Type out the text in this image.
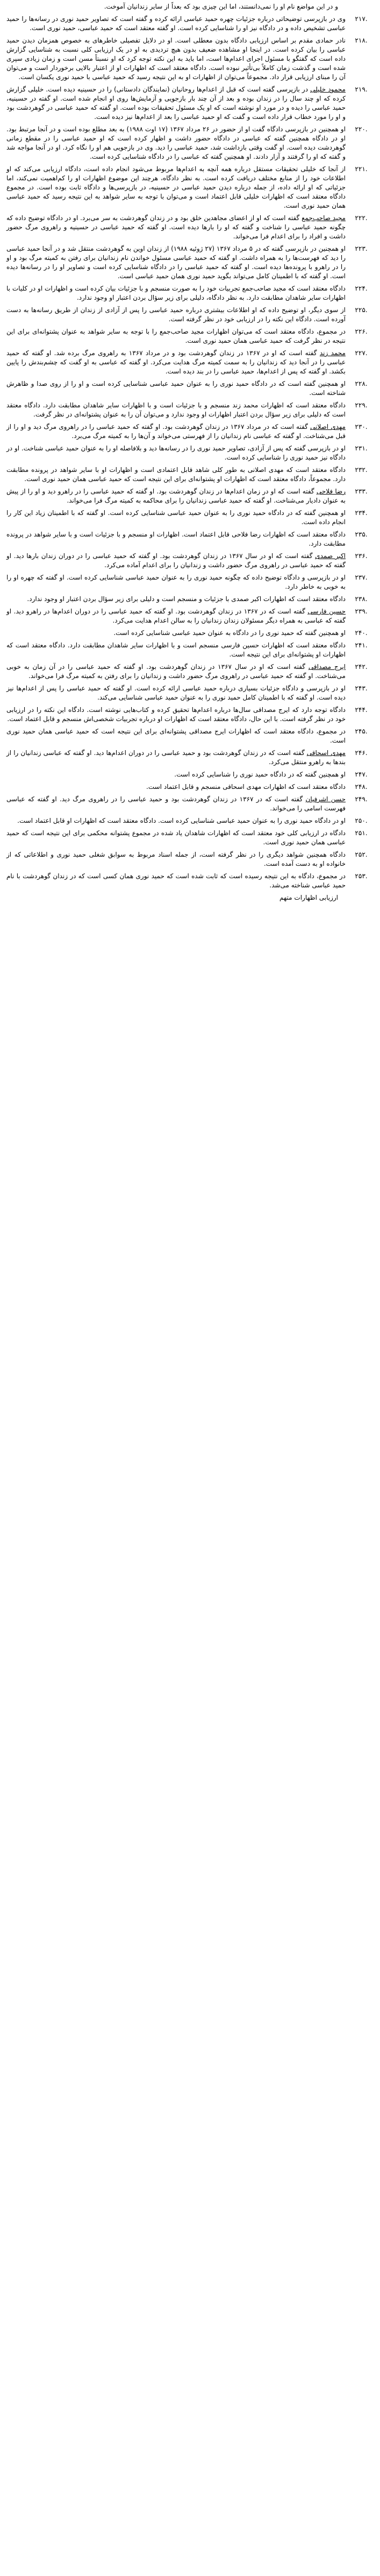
و در این مواضع نام او را نمی‌دانستند، اما این چیزی بود که بعداً از سایر زندانیان آموخت.

۲۱۷.
وی در بازپرسی توضیحاتی درباره جزئیات چهره حمید عباسی ارائه کرده و گفته است که تصاویر حمید نوری در رسانه‌ها را حمید عباسی تشخیص داده و در دادگاه نیز او را شناسایی کرده است. او گفته معتقد است که حمید عباسی، حمید نوری است.
۲۱۸.
نادر حمادی مقدم بر اساس ارزیابی دادگاه بدون معطلی است. او در دلایل تفصیلی خاطرهای به خصوص همزمان دیدن حمید عباسی را بیان کرده است. در اینجا او مشاهده ضعیف بدون هیچ تردیدی به او در یک ارزیابی کلی نسبت به شناسایی گزارش داده است که گفتگو با مسئول اجرای اعدام‌ها است، اما باید به این نکته توجه کرد که او نسبتاً مسن است و زمان زیادی سپری شده است و گذشت زمان کاملاً بی‌تأثیر نبوده است. دادگاه معتقد است که اظهارات او از اعتبار بالایی برخوردار است و می‌توان آن را مبنای ارزیابی قرار داد. مجموعاً می‌توان از اظهارات او به این نتیجه رسید که حمید عباسی با حمید نوری یکسان است.
۲۱۹.
محمود خلیلی در بازپرسی گفته است که قبل از اعدام‌ها روحانیان (نمایندگان دادستانی) را در حسینیه دیده است. خلیلی گزارش کرده که او چند سال را در زندان بوده و بعد از آن چند بار بازجویی و آزمایش‌ها روی او انجام شده است. او گفته در حسینیه، حمید عباسی را دیده و در مورد او نوشته است که او یک مسئول تحقیقات بوده است. او گفته که حمید عباسی در گوهردشت بود و او را مورد خطاب قرار داده است و گفت که او حمید عباسی را بعد از اعدام‌ها نیز دیده است.
۲۲۰.
او همچنین در بازپرسی دادگاه گفت او از حضور در ۲۶ مرداد ۱۳۶۷ (۱۷ اوت ۱۹۸۸) به بعد مطلع بوده است و در آنجا مرتبط بود. او در دادگاه همچنین گفته که عباسی در دادگاه حضور داشت و اظهار کرده است که او حمید عباسی را در مقطع زمانی گوهردشت دیده است. او گفت وقتی بازداشت شد، حمید عباسی را دید. وی در بازجویی هم او را نگاه کرد. او در آنجا مواجه شد و گفته که او را گرفتند و آزار دادند. او همچنین گفته که عباسی را در دادگاه شناسایی کرده است.
۲۲۱.
از آنجا که خلیلی تحقیقات مستقل درباره همه آنچه به اعدام‌ها مربوط می‌شود انجام داده است، دادگاه ارزیابی می‌کند که او اطلاعات خود را از منابع مختلف دریافت کرده است. به نظر دادگاه، هرچند این موضوع اظهارات او را کم‌اهمیت نمی‌کند، اما جزئیاتی که او ارائه داده، از جمله درباره دیدن حمید عباسی در حسینیه، در بازپرسی‌ها و دادگاه ثابت بوده است. در مجموع دادگاه معتقد است که اظهارات خلیلی قابل اعتماد است و می‌توان با توجه به سایر شواهد به این نتیجه رسید که حمید عباسی همان حمید نوری است.
۲۲۲.
مجید صاحب‌جمع گفته است که او از اعضای مجاهدین خلق بود و در زندان گوهردشت به سر می‌برد. او در دادگاه توضیح داده که چگونه حمید عباسی را شناخت و گفته که او را بارها دیده است. او گفته که حمید عباسی در حسینیه و راهروی مرگ حضور داشت و افراد را برای اعدام فرا می‌خواند.
۲۲۳.
او همچنین در بازپرسی گفته که در ۵ مرداد ۱۳۶۷ (۲۷ ژوئیه ۱۹۸۸) از زندان اوین به گوهردشت منتقل شد و در آنجا حمید عباسی را دید که فهرست‌ها را به همراه داشت. او گفته که حمید عباسی مسئول خواندن نام زندانیان برای رفتن به کمیته مرگ بود و او را در راهرو با پرونده‌ها دیده است. او گفته که حمید عباسی را در دادگاه شناسایی کرده است و تصاویر او را در رسانه‌ها دیده است. او گفته که با اطمینان کامل می‌تواند بگوید حمید نوری همان حمید عباسی است.
۲۲۴.
دادگاه معتقد است که مجید صاحب‌جمع تجربیات خود را به صورت منسجم و با جزئیات بیان کرده است و اظهارات او در کلیات با اظهارات سایر شاهدان مطابقت دارد. به نظر دادگاه، دلیلی برای زیر سؤال بردن اعتبار او وجود ندارد.
۲۲۵.
از سوی دیگر، او توضیح داده که او اطلاعات بیشتری درباره حمید عباسی را پس از آزادی از زندان از طریق رسانه‌ها به دست آورده است. دادگاه این نکته را در ارزیابی خود در نظر گرفته است.
۲۲۶.
در مجموع، دادگاه معتقد است که می‌توان اظهارات مجید صاحب‌جمع را با توجه به سایر شواهد به عنوان پشتوانه‌ای برای این نتیجه در نظر گرفت که حمید عباسی همان حمید نوری است.
۲۲۷.
محمد زند گفته است که او در ۱۳۶۷ در زندان گوهردشت بود و در مرداد ۱۳۶۷ به راهروی مرگ برده شد. او گفته که حمید عباسی را در آنجا دید که زندانیان را به سمت کمیته مرگ هدایت می‌کرد. او گفته که عباسی به او گفت که چشم‌بندش را پایین بکشد. او گفته که پس از اعدام‌ها، حمید عباسی را در بند دیده است.
۲۲۸.
او همچنین گفته است که در دادگاه حمید نوری را به عنوان حمید عباسی شناسایی کرده است و او را از روی صدا و ظاهرش شناخته است.
۲۲۹.
دادگاه معتقد است که اظهارات محمد زند منسجم و با جزئیات است و با اظهارات سایر شاهدان مطابقت دارد. دادگاه معتقد است که دلیلی برای زیر سؤال بردن اعتبار اظهارات او وجود ندارد و می‌توان آن را به عنوان پشتوانه‌ای در نظر گرفت.
۲۳۰.
مهدی اصلانی گفته است که در مرداد ۱۳۶۷ در زندان گوهردشت بود. او گفته که حمید عباسی را در راهروی مرگ دید و او را از قبل می‌شناخت. او گفته که عباسی نام زندانیان را از فهرستی می‌خواند و آن‌ها را به کمیته مرگ می‌برد.
۲۳۱.
او در بازپرسی گفته که پس از آزادی، تصاویر حمید نوری را در رسانه‌ها دید و بلافاصله او را به عنوان حمید عباسی شناخت. او در دادگاه نیز حمید نوری را شناسایی کرده است.
۲۳۲.
دادگاه معتقد است که مهدی اصلانی به طور کلی شاهد قابل اعتمادی است و اظهارات او با سایر شواهد در پرونده مطابقت دارد. مجموعاً، دادگاه معتقد است که اظهارات او پشتوانه‌ای برای این نتیجه است که حمید عباسی همان حمید نوری است.
۲۳۳.
رضا فلاحی گفته است که او در زمان اعدام‌ها در زندان گوهردشت بود. او گفته که حمید عباسی را در راهرو دید و او را از پیش به عنوان دادیار می‌شناخت. او گفته که حمید عباسی زندانیان را برای محاکمه به کمیته مرگ فرا می‌خواند.
۲۳۴.
او همچنین گفته که در دادگاه حمید نوری را به عنوان حمید عباسی شناسایی کرده است. او گفته که با اطمینان زیاد این کار را انجام داده است.
۲۳۵.
دادگاه معتقد است که اظهارات رضا فلاحی قابل اعتماد است. اظهارات او منسجم و با جزئیات است و با سایر شواهد در پرونده مطابقت دارد.
۲۳۶.
اکبر صمدی گفته است که او در سال ۱۳۶۷ در زندان گوهردشت بود. او گفته که حمید عباسی را در دوران زندان بارها دید. او گفته که حمید عباسی در راهروی مرگ حضور داشت و زندانیان را برای اعدام آماده می‌کرد.
۲۳۷.
او در بازپرسی و دادگاه توضیح داده که چگونه حمید نوری را به عنوان حمید عباسی شناسایی کرده است. او گفته که چهره او را به خوبی به خاطر دارد.
۲۳۸.
دادگاه معتقد است که اظهارات اکبر صمدی با جزئیات و منسجم است و دلیلی برای زیر سؤال بردن اعتبار او وجود ندارد.
۲۳۹.
حسین فارسی گفته است که در ۱۳۶۷ در زندان گوهردشت بود. او گفته که حمید عباسی را در دوران اعدام‌ها در راهرو دید. او گفته که عباسی به همراه دیگر مسئولان زندان زندانیان را به سالن اعدام هدایت می‌کرد.
۲۴۰.
او همچنین گفته که حمید نوری را در دادگاه به عنوان حمید عباسی شناسایی کرده است.
۲۴۱.
دادگاه معتقد است که اظهارات حسین فارسی منسجم است و با اظهارات سایر شاهدان مطابقت دارد. دادگاه معتقد است که اظهارات او پشتوانه‌ای برای این نتیجه است.
۲۴۲.
ایرج مصداقی گفته است که او در سال ۱۳۶۷ در زندان گوهردشت بود. او گفته که حمید عباسی را در آن زمان به خوبی می‌شناخت. او گفته که حمید عباسی در راهروی مرگ حضور داشت و زندانیان را برای رفتن به کمیته مرگ فرا می‌خواند.
۲۴۳.
او در بازپرسی و دادگاه جزئیات بسیاری درباره حمید عباسی ارائه کرده است. او گفته که حمید عباسی را پس از اعدام‌ها نیز دیده است. او گفته که با اطمینان کامل حمید نوری را به عنوان حمید عباسی شناسایی می‌کند.
۲۴۴.
دادگاه توجه دارد که ایرج مصداقی سال‌ها درباره اعدام‌ها تحقیق کرده و کتاب‌هایی نوشته است. دادگاه این نکته را در ارزیابی خود در نظر گرفته است. با این حال، دادگاه معتقد است که اظهارات او درباره تجربیات شخصی‌اش منسجم و قابل اعتماد است.
۲۴۵.
در مجموع، دادگاه معتقد است که اظهارات ایرج مصداقی پشتوانه‌ای برای این نتیجه است که حمید عباسی همان حمید نوری است.
۲۴۶.
مهدی اسحاقی گفته است که در زندان گوهردشت بود و حمید عباسی را در دوران اعدام‌ها دید. او گفته که عباسی زندانیان را از بندها به راهرو منتقل می‌کرد.
۲۴۷.
او همچنین گفته که در دادگاه حمید نوری را شناسایی کرده است.
۲۴۸.
دادگاه معتقد است که اظهارات مهدی اسحاقی منسجم و قابل اعتماد است.
۲۴۹.
حسن اشرفیان گفته است که در ۱۳۶۷ در زندان گوهردشت بود و حمید عباسی را در راهروی مرگ دید. او گفته که عباسی فهرست اسامی را می‌خواند.
۲۵۰.
او در دادگاه حمید نوری را به عنوان حمید عباسی شناسایی کرده است. دادگاه معتقد است که اظهارات او قابل اعتماد است.
۲۵۱.
دادگاه در ارزیابی کلی خود معتقد است که اظهارات شاهدان یاد شده در مجموع پشتوانه محکمی برای این نتیجه است که حمید عباسی همان حمید نوری است.
۲۵۲.
دادگاه همچنین شواهد دیگری را در نظر گرفته است، از جمله اسناد مربوط به سوابق شغلی حمید نوری و اطلاعاتی که از خانواده او به دست آمده است.
۲۵۳.
در مجموع، دادگاه به این نتیجه رسیده است که ثابت شده است که حمید نوری همان کسی است که در زندان گوهردشت با نام حمید عباسی شناخته می‌شد.

ارزیابی اظهارات متهم
